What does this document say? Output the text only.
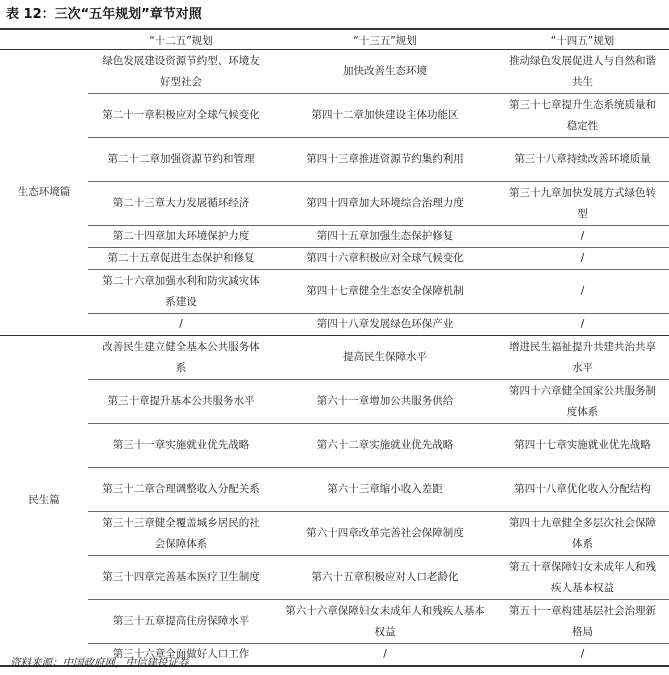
表 12：三次“五年规划”章节对照
	“十二五”规划	“十三五”规划	“十四五”规划
生态环境篇	绿色发展建设资源节约型、环境友好型社会	加快改善生态环境	推动绿色发展促进人与自然和谐共生
	第二十一章积极应对全球气候变化	第四十二章加快建设主体功能区	第三十七章提升生态系统质量和稳定性
	第二十二章加强资源节约和管理	第四十三章推进资源节约集约利用	第三十八章持续改善环境质量
	第二十三章大力发展循环经济	第四十四章加大环境综合治理力度	第三十九章加快发展方式绿色转型
	第二十四章加大环境保护力度	第四十五章加强生态保护修复	/
	第二十五章促进生态保护和修复	第四十六章积极应对全球气候变化	/
	第二十六章加强水利和防灾减灾体系建设	第四十七章健全生态安全保障机制	/
	/	第四十八章发展绿色环保产业	/
民生篇	改善民生建立健全基本公共服务体系	提高民生保障水平	增进民生福祉提升共建共治共享水平
	第三十章提升基本公共服务水平	第六十一章增加公共服务供给	第四十六章健全国家公共服务制度体系
	第三十一章实施就业优先战略	第六十二章实施就业优先战略	第四十七章实施就业优先战略
	第三十二章合理调整收入分配关系	第六十三章缩小收入差距	第四十八章优化收入分配结构
	第三十三章健全覆盖城乡居民的社会保障体系	第六十四章改革完善社会保障制度	第四十九章健全多层次社会保障体系
	第三十四章完善基本医疗卫生制度	第六十五章积极应对人口老龄化	第五十章保障妇女未成年人和残疾人基本权益
	第三十五章提高住房保障水平	第六十六章保障妇女未成年人和残疾人基本权益	第五十一章构建基层社会治理新格局
	第三十六章全面做好人口工作	/	/
资料来源：中国政府网，中信建投证券
